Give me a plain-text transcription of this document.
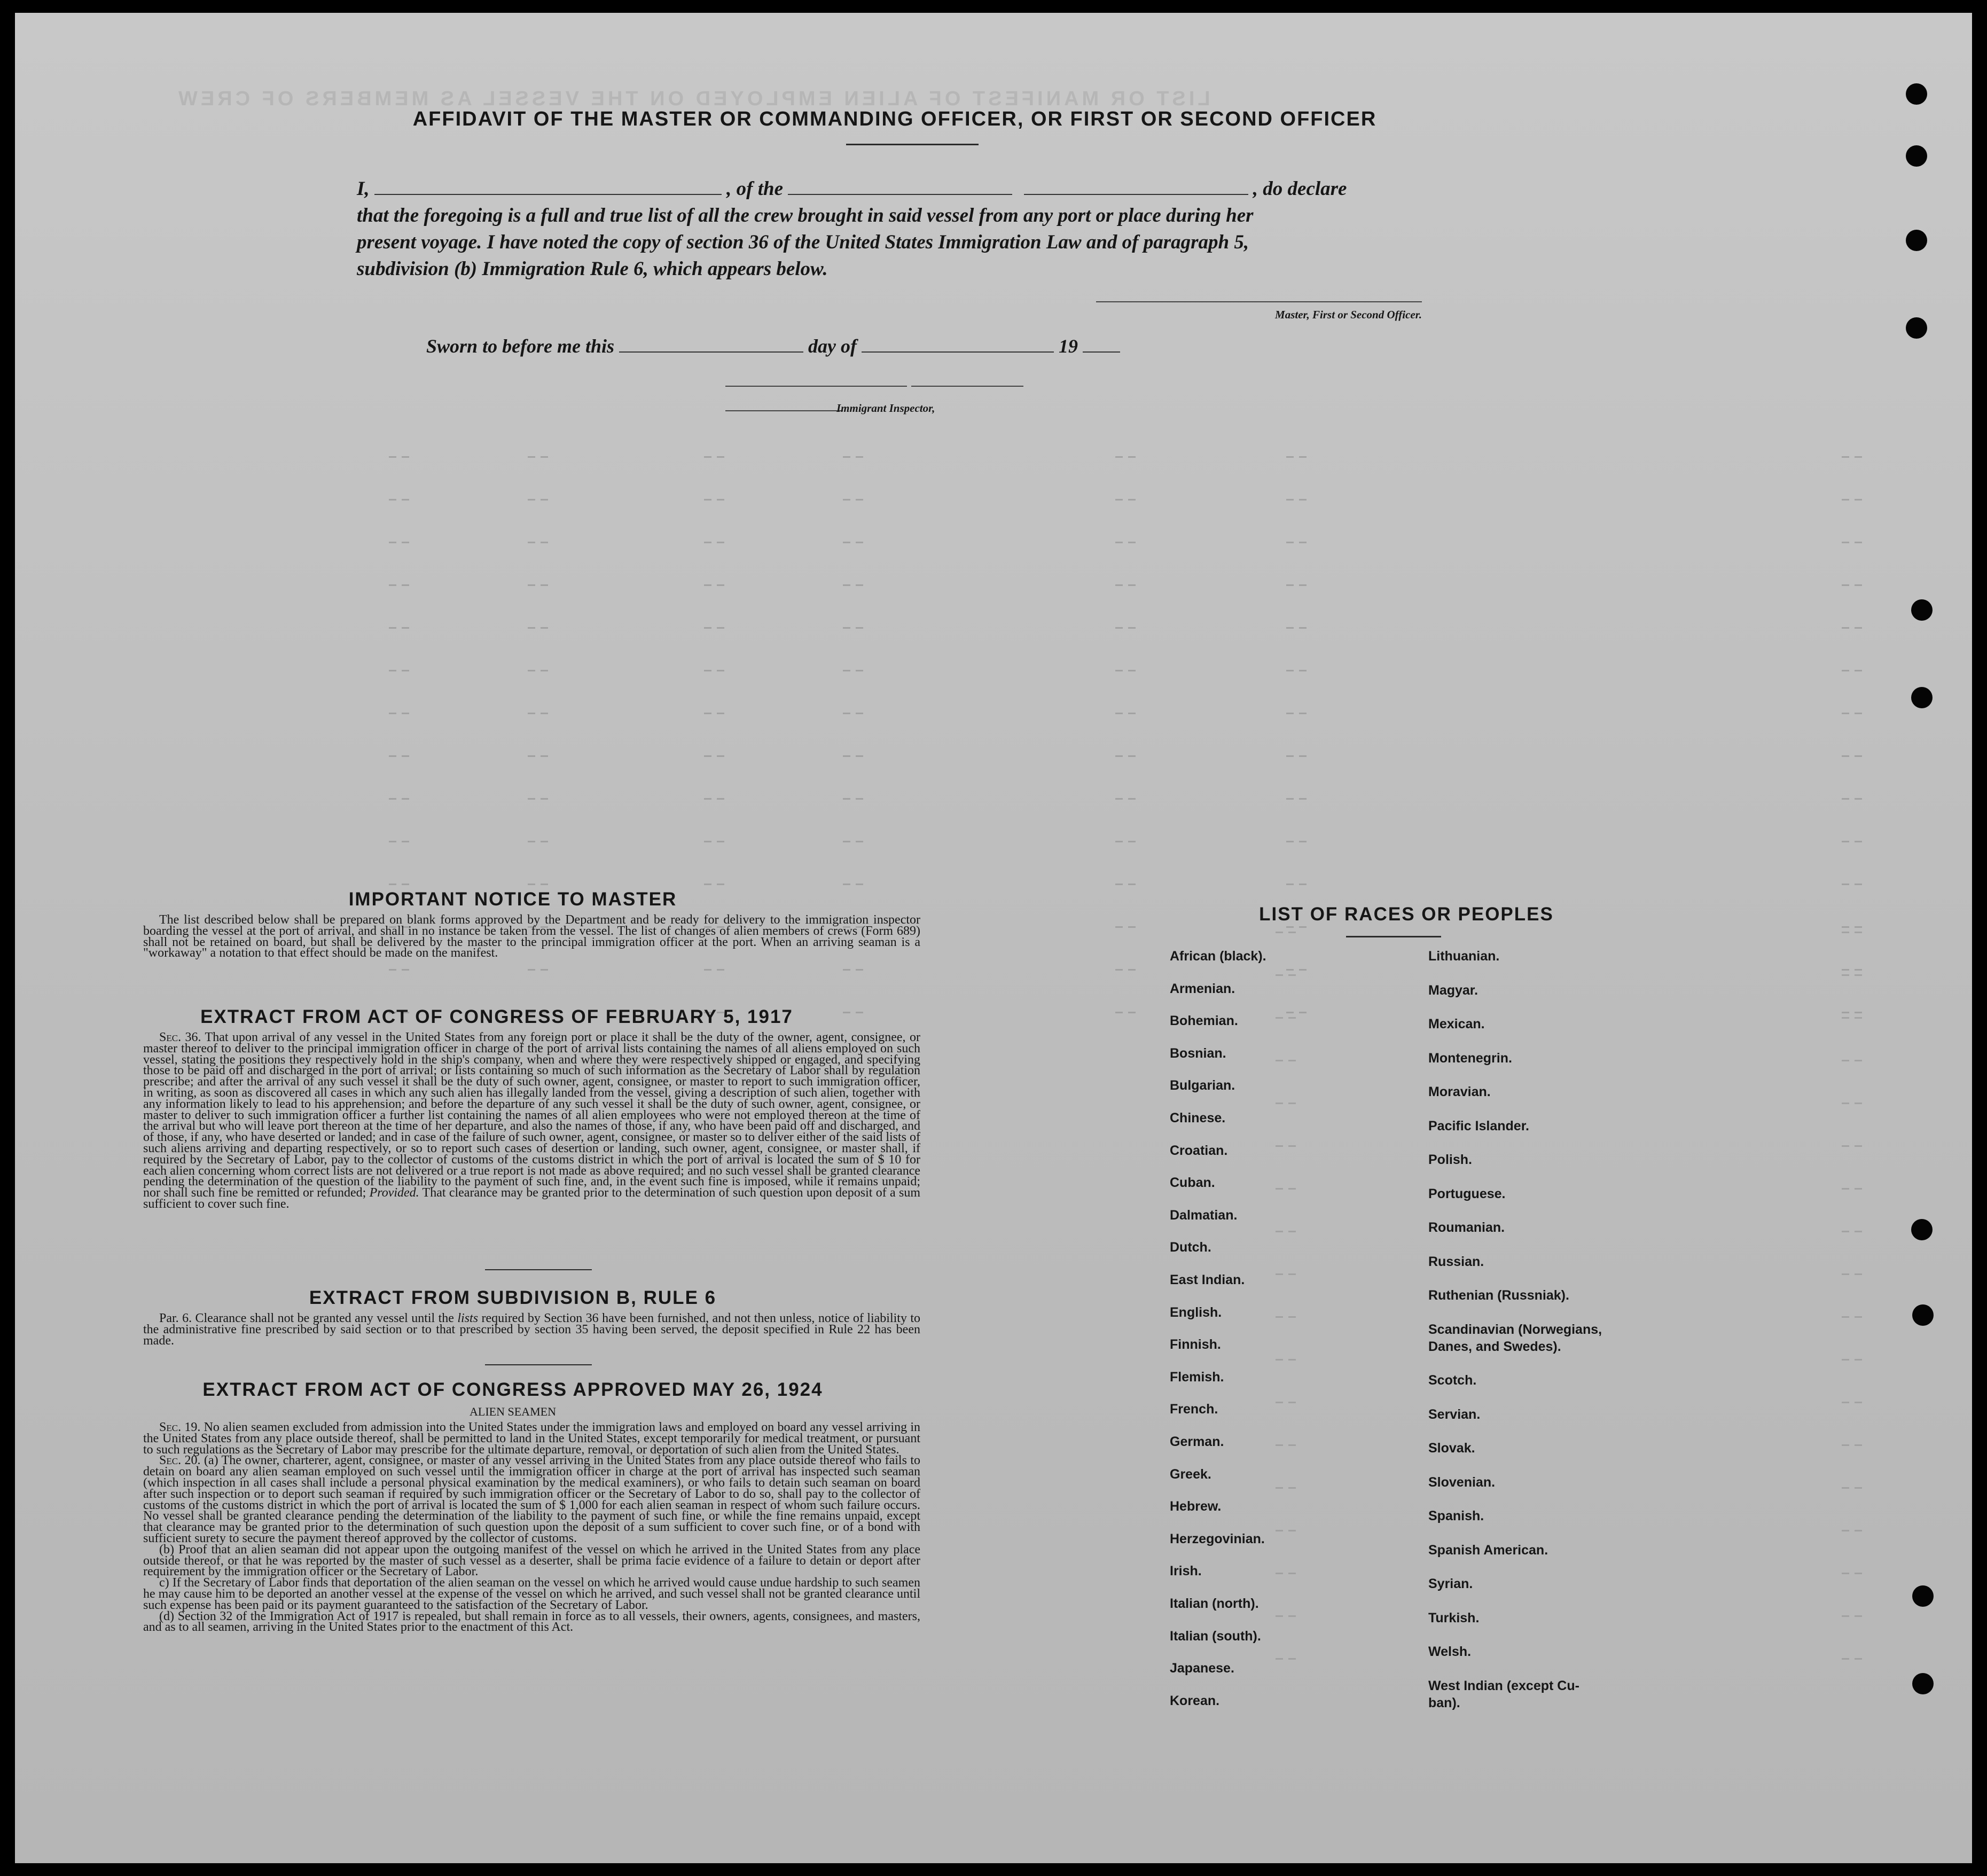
LIST OR MANIFEST OF ALIEN EMPLOYED ON THE VESSEL AS MEMBERS OF CREW
AFFIDAVIT OF THE MASTER OR COMMANDING OFFICER, OR FIRST OR SECOND OFFICER
I,	, of the	, do declare
that the foregoing is a full and true list of all the crew brought in said vessel from any port or place during her
present voyage. I have noted the copy of section 36 of the United States Immigration Law and of paragraph 5,
subdivision (b) Immigration Rule 6, which appears below.
Master, First or Second Officer.
Sworn to before me this	day of	19
Immigrant Inspector,
IMPORTANT NOTICE TO MASTER
The list described below shall be prepared on blank forms approved by the Department and be ready for delivery to the immigration inspector boarding the vessel at the port of arrival, and shall in no instance be taken from the vessel. The list of changes of alien members of crews (Form 689) shall not be retained on board, but shall be delivered by the master to the principal immigration officer at the port. When an arriving seaman is a "workaway" a notation to that effect should be made on the manifest.
EXTRACT FROM ACT OF CONGRESS OF FEBRUARY 5, 1917
Sec. 36. That upon arrival of any vessel in the United States from any foreign port or place it shall be the duty of the owner, agent, consignee, or master thereof to deliver to the principal immigration officer in charge of the port of arrival lists containing the names of all aliens employed on such vessel, stating the positions they respectively hold in the ship's company, when and where they were respectively shipped or engaged, and specifying those to be paid off and discharged in the port of arrival; or lists containing so much of such information as the Secretary of Labor shall by regulation prescribe; and after the arrival of any such vessel it shall be the duty of such owner, agent, consignee, or master to report to such immigration officer, in writing, as soon as discovered all cases in which any such alien has illegally landed from the vessel, giving a description of such alien, together with any information likely to lead to his apprehension; and before the departure of any such vessel it shall be the duty of such owner, agent, consignee, or master to deliver to such immigration officer a further list containing the names of all alien employees who were not employed thereon at the time of the arrival but who will leave port thereon at the time of her departure, and also the names of those, if any, who have been paid off and discharged, and of those, if any, who have deserted or landed; and in case of the failure of such owner, agent, consignee, or master so to deliver either of the said lists of such aliens arriving and departing respectively, or so to report such cases of desertion or landing, such owner, agent, consignee, or master shall, if required by the Secretary of Labor, pay to the collector of customs of the customs district in which the port of arrival is located the sum of $ 10 for each alien concerning whom correct lists are not delivered or a true report is not made as above required; and no such vessel shall be granted clearance pending the determination of the question of the liability to the payment of such fine, and, in the event such fine is imposed, while it remains unpaid; nor shall such fine be remitted or refunded; Provided. That clearance may be granted prior to the determination of such question upon deposit of a sum sufficient to cover such fine.
EXTRACT FROM SUBDIVISION B, RULE 6
Par. 6. Clearance shall not be granted any vessel until the lists required by Section 36 have been furnished, and not then unless, notice of liability to the administrative fine prescribed by said section or to that prescribed by section 35 having been served, the deposit specified in Rule 22 has been made.
EXTRACT FROM ACT OF CONGRESS APPROVED MAY 26, 1924
ALIEN SEAMEN
Sec. 19. No alien seamen excluded from admission into the United States under the immigration laws and employed on board any vessel arriving in the United States from any place outside thereof, shall be permitted to land in the United States, except temporarily for medical treatment, or pursuant to such regulations as the Secretary of Labor may prescribe for the ultimate departure, removal, or deportation of such alien from the United States.
Sec. 20. (a) The owner, charterer, agent, consignee, or master of any vessel arriving in the United States from any place outside thereof who fails to detain on board any alien seaman employed on such vessel until the immigration officer in charge at the port of arrival has inspected such seaman (which inspection in all cases shall include a personal physical examination by the medical examiners), or who fails to detain such seaman on board after such inspection or to deport such seaman if required by such immigration officer or the Secretary of Labor to do so, shall pay to the collector of customs of the customs district in which the port of arrival is located the sum of $ 1,000 for each alien seaman in respect of whom such failure occurs. No vessel shall be granted clearance pending the determination of the liability to the payment of such fine, or while the fine remains unpaid, except that clearance may be granted prior to the determination of such question upon the deposit of a sum sufficient to cover such fine, or of a bond with sufficient surety to secure the payment thereof approved by the collector of customs.
(b) Proof that an alien seaman did not appear upon the outgoing manifest of the vessel on which he arrived in the United States from any place outside thereof, or that he was reported by the master of such vessel as a deserter, shall be prima facie evidence of a failure to detain or deport after requirement by the immigration officer or the Secretary of Labor.
c) If the Secretary of Labor finds that deportation of the alien seaman on the vessel on which he arrived would cause undue hardship to such seamen he may cause him to be deported an another vessel at the expense of the vessel on which he arrived, and such vessel shall not be granted clearance until such expense has been paid or its payment guaranteed to the satisfaction of the Secretary of Labor.
(d) Section 32 of the Immigration Act of 1917 is repealed, but shall remain in force as to all vessels, their owners, agents, consignees, and masters, and as to all seamen, arriving in the United States prior to the enactment of this Act.
LIST OF RACES OR PEOPLES
African (black).
Armenian.
Bohemian.
Bosnian.
Bulgarian.
Chinese.
Croatian.
Cuban.
Dalmatian.
Dutch.
East Indian.
English.
Finnish.
Flemish.
French.
German.
Greek.
Hebrew.
Herzegovinian.
Irish.
Italian (north).
Italian (south).
Japanese.
Korean.
Lithuanian.
Magyar.
Mexican.
Montenegrin.
Moravian.
Pacific Islander.
Polish.
Portuguese.
Roumanian.
Russian.
Ruthenian (Russniak).
Scandinavian (Norwegians,
Danes, and Swedes).
Scotch.
Servian.
Slovak.
Slovenian.
Spanish.
Spanish American.
Syrian.
Turkish.
Welsh.
West Indian (except Cu-
ban).
